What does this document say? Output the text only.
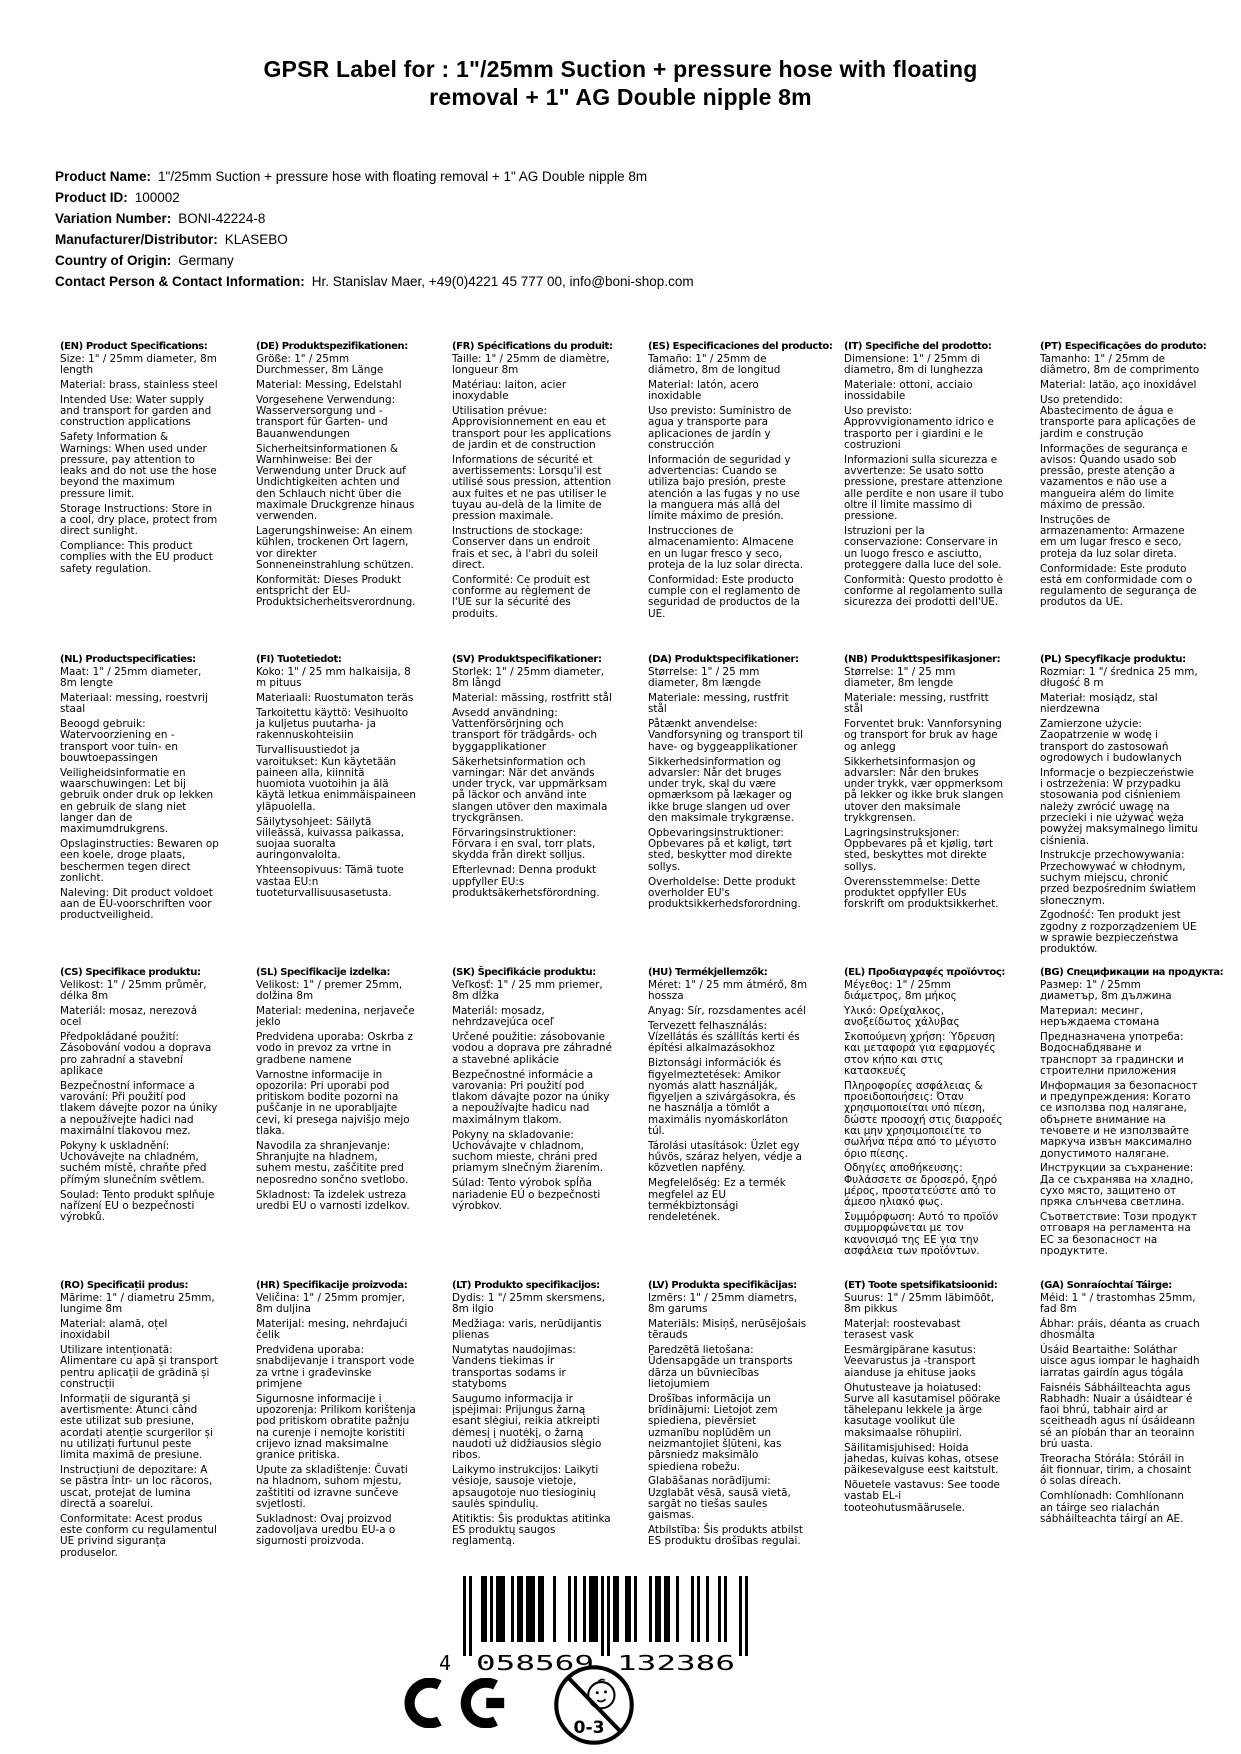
GPSR Label for : 1"/25mm Suction + pressure hose with floating removal + 1" AG Double nipple 8m
Product Name: 1"/25mm Suction + pressure hose with floating removal + 1" AG Double nipple 8m
Product ID: 100002
Variation Number: BONI-42224-8
Manufacturer/Distributor: KLASEBO
Country of Origin: Germany
Contact Person & Contact Information: Hr. Stanislav Maer, +49(0)4221 45 777 00, info@boni-shop.com
(EN) Product Specifications:

Size: 1" / 25mm diameter, 8m length

Material: brass, stainless steel

Intended Use: Water supply and transport for garden and construction applications

Safety Information & Warnings: When used under pressure, pay attention to leaks and do not use the hose beyond the maximum pressure limit.

Storage Instructions: Store in a cool, dry place, protect from direct sunlight.

Compliance: This product complies with the EU product safety regulation.

(DE) Produktspezifikationen:

Größe: 1" / 25mm Durchmesser, 8m Länge

Material: Messing, Edelstahl

Vorgesehene Verwendung: Wasserversorgung und -transport für Garten- und Bauanwendungen

Sicherheitsinformationen & Warnhinweise: Bei der Verwendung unter Druck auf Undichtigkeiten achten und den Schlauch nicht über die maximale Druckgrenze hinaus verwenden.

Lagerungshinweise: An einem kühlen, trockenen Ort lagern, vor direkter Sonneneinstrahlung schützen.

Konformität: Dieses Produkt entspricht der EU-Produktsicherheitsverordnung.

(FR) Spécifications du produit:

Taille: 1" / 25mm de diamètre, longueur 8m

Matériau: laiton, acier inoxydable

Utilisation prévue: Approvisionnement en eau et transport pour les applications de jardin et de construction

Informations de sécurité et avertissements: Lorsqu'il est utilisé sous pression, attention aux fuites et ne pas utiliser le tuyau au-delà de la limite de pression maximale.

Instructions de stockage: Conserver dans un endroit frais et sec, à l'abri du soleil direct.

Conformité: Ce produit est conforme au règlement de l'UE sur la sécurité des produits.

(ES) Especificaciones del producto:

Tamaño: 1" / 25mm de diámetro, 8m de longitud

Material: latón, acero inoxidable

Uso previsto: Suministro de agua y transporte para aplicaciones de jardín y construcción

Información de seguridad y advertencias: Cuando se utiliza bajo presión, preste atención a las fugas y no use la manguera más allá del límite máximo de presión.

Instrucciones de almacenamiento: Almacene en un lugar fresco y seco, proteja de la luz solar directa.

Conformidad: Este producto cumple con el reglamento de seguridad de productos de la UE.

(IT) Specifiche del prodotto:

Dimensione: 1" / 25mm di diametro, 8m di lunghezza

Materiale: ottoni, acciaio inossidabile

Uso previsto: Approvvigionamento idrico e trasporto per i giardini e le costruzioni

Informazioni sulla sicurezza e avvertenze: Se usato sotto pressione, prestare attenzione alle perdite e non usare il tubo oltre il limite massimo di pressione.

Istruzioni per la conservazione: Conservare in un luogo fresco e asciutto, proteggere dalla luce del sole.

Conformità: Questo prodotto è conforme al regolamento sulla sicurezza dei prodotti dell'UE.

(PT) Especificações do produto:

Tamanho: 1" / 25mm de diâmetro, 8m de comprimento

Material: latão, aço inoxidável

Uso pretendido: Abastecimento de água e transporte para aplicações de jardim e construção

Informações de segurança e avisos: Quando usado sob pressão, preste atenção a vazamentos e não use a mangueira além do limite máximo de pressão.

Instruções de armazenamento: Armazene em um lugar fresco e seco, proteja da luz solar direta.

Conformidade: Este produto está em conformidade com o regulamento de segurança de produtos da UE.

(NL) Productspecificaties:

Maat: 1" / 25mm diameter, 8m lengte

Materiaal: messing, roestvrij staal

Beoogd gebruik: Watervoorziening en -transport voor tuin- en bouwtoepassingen

Veiligheidsinformatie en waarschuwingen: Let bij gebruik onder druk op lekken en gebruik de slang niet langer dan de maximumdrukgrens.

Opslaginstructies: Bewaren op een koele, droge plaats, beschermen tegen direct zonlicht.

Naleving: Dit product voldoet aan de EU-voorschriften voor productveiligheid.

(FI) Tuotetiedot:

Koko: 1" / 25 mm halkaisija, 8 m pituus

Materiaali: Ruostumaton teräs

Tarkoitettu käyttö: Vesihuolto ja kuljetus puutarha- ja rakennuskohteisiin

Turvallisuustiedot ja varoitukset: Kun käytetään paineen alla, kiinnitä huomiota vuotoihin ja älä käytä letkua enimmäispaineen yläpuolella.

Säilytysohjeet: Säilytä viileässä, kuivassa paikassa, suojaa suoralta auringonvalolta.

Yhteensopivuus: Tämä tuote vastaa EU:n tuoteturvallisuusasetusta.

(SV) Produktspecifikationer:

Storlek: 1" / 25mm diameter, 8m långd

Material: mässing, rostfritt stål

Avsedd användning: Vattenförsörjning och transport för trädgårds- och byggapplikationer

Säkerhetsinformation och varningar: När det används under tryck, var uppmärksam på läckor och använd inte slangen utöver den maximala tryckgränsen.

Förvaringsinstruktioner: Förvara i en sval, torr plats, skydda från direkt solljus.

Efterlevnad: Denna produkt uppfyller EU:s produktsäkerhetsförordning.

(DA) Produktspecifikationer:

Størrelse: 1" / 25 mm diameter, 8m længde

Materiale: messing, rustfrit stål

Påtænkt anvendelse: Vandforsyning og transport til have- og byggeapplikationer

Sikkerhedsinformation og advarsler: Når det bruges under tryk, skal du være opmærksom på lækager og ikke bruge slangen ud over den maksimale trykgrænse.

Opbevaringsinstruktioner: Opbevares på et køligt, tørt sted, beskytter mod direkte sollys.

Overholdelse: Dette produkt overholder EU's produktsikkerhedsforordning.

(NB) Produkttspesifikasjoner:

Størrelse: 1" / 25 mm diameter, 8m lengde

Materiale: messing, rustfritt stål

Forventet bruk: Vannforsyning og transport for bruk av hage og anlegg

Sikkerhetsinformasjon og advarsler: Når den brukes under trykk, vær oppmerksom på lekker og ikke bruk slangen utover den maksimale trykkgrensen.

Lagringsinstruksjoner: Oppbevares på et kjølig, tørt sted, beskyttes mot direkte sollys.

Overensstemmelse: Dette produktet oppfyller EUs forskrift om produktsikkerhet.

(PL) Specyfikacje produktu:

Rozmiar: 1 "/ średnica 25 mm, długość 8 m

Materiał: mosiądz, stal nierdzewna

Zamierzone użycie: Zaopatrzenie w wodę i transport do zastosowań ogrodowych i budowlanych

Informacje o bezpieczeństwie i ostrzeżenia: W przypadku stosowania pod ciśnieniem należy zwrócić uwagę na przecieki i nie używać węża powyżej maksymalnego limitu ciśnienia.

Instrukcje przechowywania: Przechowywać w chłodnym, suchym miejscu, chronić przed bezpośrednim światłem słonecznym.

Zgodność: Ten produkt jest zgodny z rozporządzeniem UE w sprawie bezpieczeństwa produktów.

(CS) Specifikace produktu:

Velikost: 1" / 25mm průměr, délka 8m

Materiál: mosaz, nerezová ocel

Předpokládané použití: Zásobování vodou a doprava pro zahradní a stavební aplikace

Bezpečnostní informace a varování: Při použití pod tlakem dávejte pozor na úniky a nepoužívejte hadici nad maximální tlakovou mez.

Pokyny k uskladnění: Uchovávejte na chladném, suchém místě, chraňte před přímým slunečním světlem.

Soulad: Tento produkt splňuje nařízení EU o bezpečnosti výrobků.

(SL) Specifikacije izdelka:

Velikost: 1" / premer 25mm, dolžina 8m

Material: medenina, nerjaveče jeklo

Predvidena uporaba: Oskrba z vodo in prevoz za vrtne in gradbene namene

Varnostne informacije in opozorila: Pri uporabi pod pritiskom bodite pozorni na puščanje in ne uporabljajte cevi, ki presega najvišjo mejo tlaka.

Navodila za shranjevanje: Shranjujte na hladnem, suhem mestu, zaščitite pred neposredno sončno svetlobo.

Skladnost: Ta izdelek ustreza uredbi EU o varnosti izdelkov.

(SK) Špecifikácie produktu:

Veľkosť: 1" / 25 mm priemer, 8m dĺžka

Materiál: mosadz, nehrdzavejúca oceľ

Určené použitie: zásobovanie vodou a doprava pre záhradné a stavebné aplikácie

Bezpečnostné informácie a varovania: Pri použití pod tlakom dávajte pozor na úniky a nepoužívajte hadicu nad maximálnym tlakom.

Pokyny na skladovanie: Uchovávajte v chladnom, suchom mieste, chráni pred priamym slnečným žiarením.

Súlad: Tento výrobok spĺňa nariadenie EÚ o bezpečnosti výrobkov.

(HU) Termékjellemzők:

Méret: 1" / 25 mm átmérő, 8m hossza

Anyag: Sír, rozsdamentes acél

Tervezett felhasználás: Vízellátás és szállítás kerti és építési alkalmazásokhoz

Biztonsági információk és figyelmeztetések: Amikor nyomás alatt használják, figyeljen a szivárgásokra, és ne használja a tömlőt a maximális nyomáskorláton túl.

Tárolási utasítások: Üzlet egy hűvös, száraz helyen, védje a közvetlen napfény.

Megfelelőség: Ez a termék megfelel az EU termékbiztonsági rendeletének.

(EL) Προδιαγραφές προϊόντος:

Μέγεθος: 1" / 25mm διάμετρος, 8m μήκος

Υλικό: Ορείχαλκος, ανοξείδωτος χάλυβας

Σκοπούμενη χρήση: Ύδρευση και μεταφορά για εφαρμογές στον κήπο και στις κατασκευές

Πληροφορίες ασφάλειας & προειδοποιήσεις: Όταν χρησιμοποιείται υπό πίεση, δώστε προσοχή στις διαρροές και μην χρησιμοποιείτε το σωλήνα πέρα από το μέγιστο όριο πίεσης.

Οδηγίες αποθήκευσης: Φυλάσσετε σε δροσερό, ξηρό μέρος, προστατεύστε από το άμεσο ηλιακό φως.

Συμμόρφωση: Αυτό το προϊόν συμμορφώνεται με τον κανονισμό της ΕΕ για την ασφάλεια των προϊόντων.

(BG) Спецификации на продукта:

Размер: 1" / 25mm диаметър, 8m дължина

Материал: месинг, неръждаема стомана

Предназначена употреба: Водоснабдяване и транспорт за градински и строителни приложения

Информация за безопасност и предупреждения: Когато се използва под налягане, обърнете внимание на течовете и не използвайте маркуча извън максимално допустимото налягане.

Инструкции за съхранение: Да се съхранява на хладно, сухо място, защитено от пряка слънчева светлина.

Съответствие: Този продукт отговаря на регламента на ЕС за безопасност на продуктите.

(RO) Specificații produs:

Mărime: 1" / diametru 25mm, lungime 8m

Material: alamă, oțel inoxidabil

Utilizare intenționată: Alimentare cu apă și transport pentru aplicații de grădină și construcții

Informații de siguranță și avertismente: Atunci când este utilizat sub presiune, acordați atenție scurgerilor și nu utilizați furtunul peste limita maximă de presiune.

Instrucțiuni de depozitare: A se păstra într- un loc răcoros, uscat, protejat de lumina directă a soarelui.

Conformitate: Acest produs este conform cu regulamentul UE privind siguranța produselor.

(HR) Specifikacije proizvoda:

Veličina: 1" / 25mm promjer, 8m duljina

Materijal: mesing, nehrđajući čelik

Predviđena uporaba: snabdijevanje i transport vode za vrtne i građevinske primjene

Sigurnosne informacije i upozorenja: Prilikom korištenja pod pritiskom obratite pažnju na curenje i nemojte koristiti crijevo iznad maksimalne granice pritiska.

Upute za skladištenje: Čuvati na hladnom, suhom mjestu, zaštititi od izravne sunčeve svjetlosti.

Sukladnost: Ovaj proizvod zadovoljava uredbu EU-a o sigurnosti proizvoda.

(LT) Produkto specifikacijos:

Dydis: 1 "/ 25mm skersmens, 8m ilgio

Medžiaga: varis, nerūdijantis plienas

Numatytas naudojimas: Vandens tiekimas ir transportas sodams ir statyboms

Saugumo informacija ir įspėjimai: Prijungus žarną esant slėgiui, reikia atkreipti dėmesį į nuotėkį, o žarną naudoti už didžiausios slėgio ribos.

Laikymo instrukcijos: Laikyti vėsioje, sausoje vietoje, apsaugotoje nuo tiesioginių saulės spindulių.

Atitiktis: Šis produktas atitinka ES produktų saugos reglamentą.

(LV) Produkta specifikācijas:

Izmērs: 1" / 25mm diametrs, 8m garums

Materiāls: Misiņš, nerūsējošais tērauds

Paredzētā lietošana: Ūdensapgāde un transports dārza un būvniecības lietojumiem

Drošības informācija un brīdinājumi: Lietojot zem spiediena, pievērsiet uzmanību noplūdēm un neizmantojiet šļūteni, kas pārsniedz maksimālo spiediena robežu.

Glabāšanas norādījumi: Uzglabāt vēsā, sausā vietā, sargāt no tiešas saules gaismas.

Atbilstība: Šis produkts atbilst ES produktu drošības regulai.

(ET) Toote spetsifikatsioonid:

Suurus: 1" / 25mm läbimõõt, 8m pikkus

Materjal: roostevabast terasest vask

Eesmärgipärane kasutus: Veevarustus ja -transport aianduse ja ehituse jaoks

Ohutusteave ja hoiatused: Surve all kasutamisel pöörake tähelepanu lekkele ja ärge kasutage voolikut üle maksimaalse rõhupiiri.

Säilitamisjuhised: Hoida jahedas, kuivas kohas, otsese päikesevalguse eest kaitstult.

Nõuetele vastavus: See toode vastab EL-i tooteohutusmäärusele.

(GA) Sonraíochtaí Táirge:

Méid: 1 " / trastomhas 25mm, fad 8m

Ábhar: práis, déanta as cruach dhosmálta

Úsáid Beartaithe: Soláthar uisce agus iompar le haghaidh iarratas gairdín agus tógála

Faisnéis Sábháilteachta agus Rabhadh: Nuair a úsáidtear é faoi bhrú, tabhair aird ar sceitheadh agus ní úsáideann sé an píobán thar an teorainn brú uasta.

Treoracha Stórála: Stóráil in áit fionnuar, tirim, a chosaint ó solas díreach.

Comhlíonadh: Comhlíonann an táirge seo rialachán sábháilteachta táirgí an AE.

4 058569 132386
0-3
